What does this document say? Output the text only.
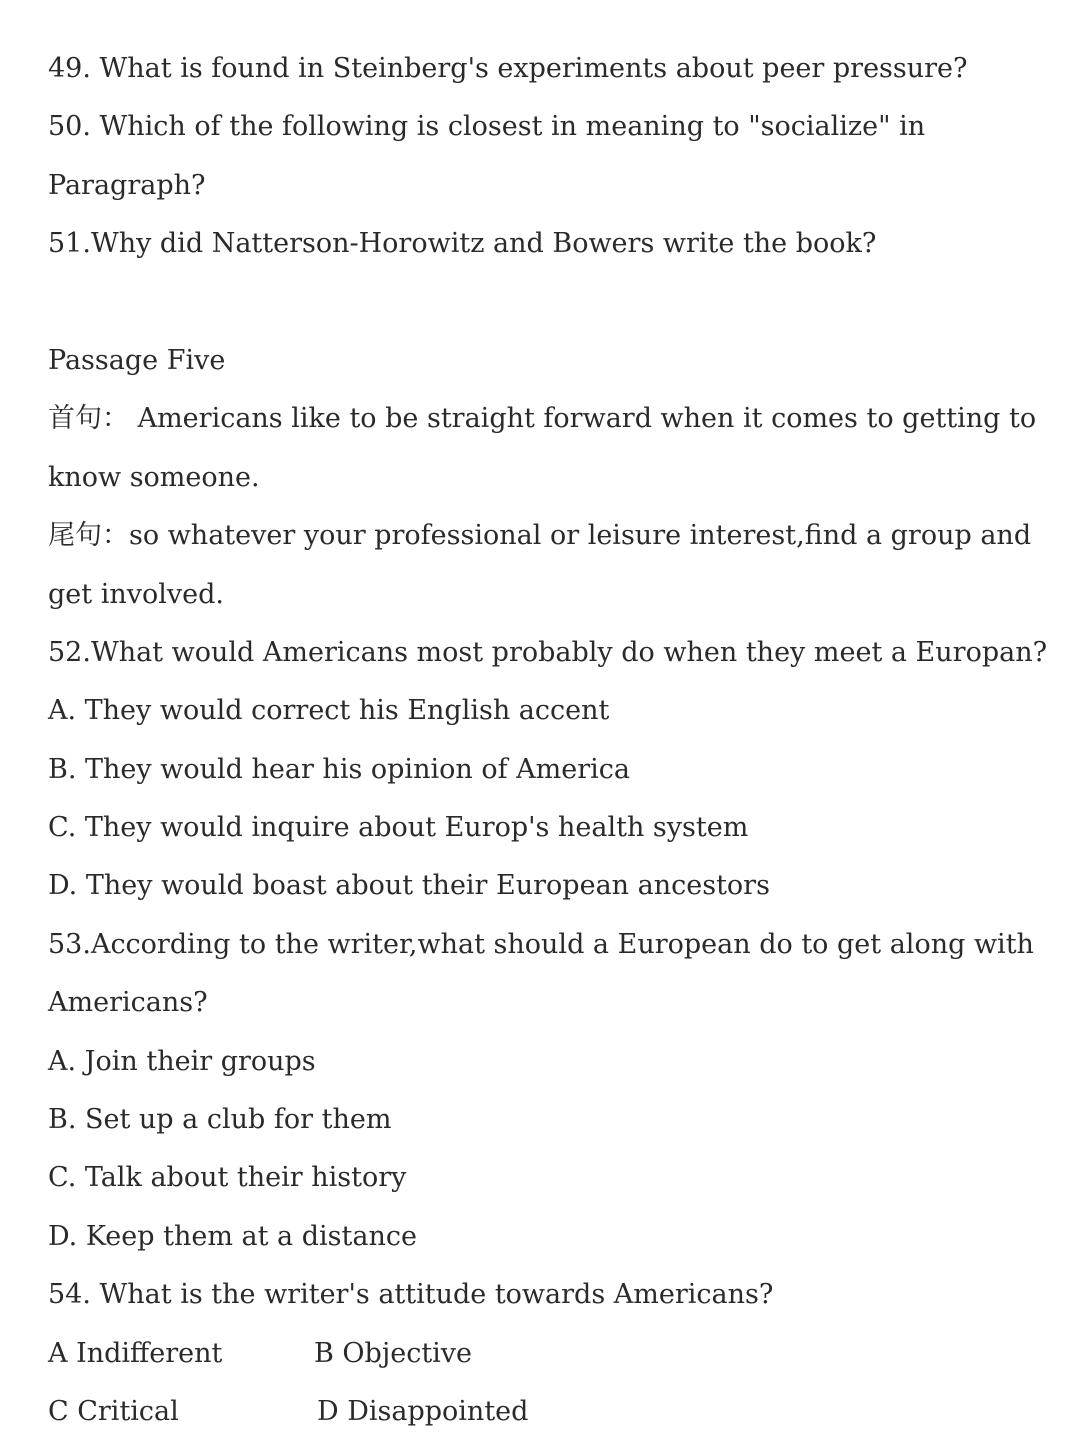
49. What is found in Steinberg's experiments about peer pressure?
50. Which of the following is closest in meaning to "socialize" in
Paragraph?
51.Why did Natterson-Horowitz and Bowers write the book?
Passage Five
首句： Americans like to be straight forward when it comes to getting to
know someone.
尾句：so whatever your professional or leisure interest,find a group and
get involved.
52.What would Americans most probably do when they meet a Europan?
A. They would correct his English accent
B. They would hear his opinion of America
C. They would inquire about Europ's health system
D. They would boast about their European ancestors
53.According to the writer,what should a European do to get along with
Americans?
A. Join their groups
B. Set up a club for them
C. Talk about their history
D. Keep them at a distance
54. What is the writer's attitude towards Americans?
A Indifferent	B Objective
C Critical	D Disappointed
